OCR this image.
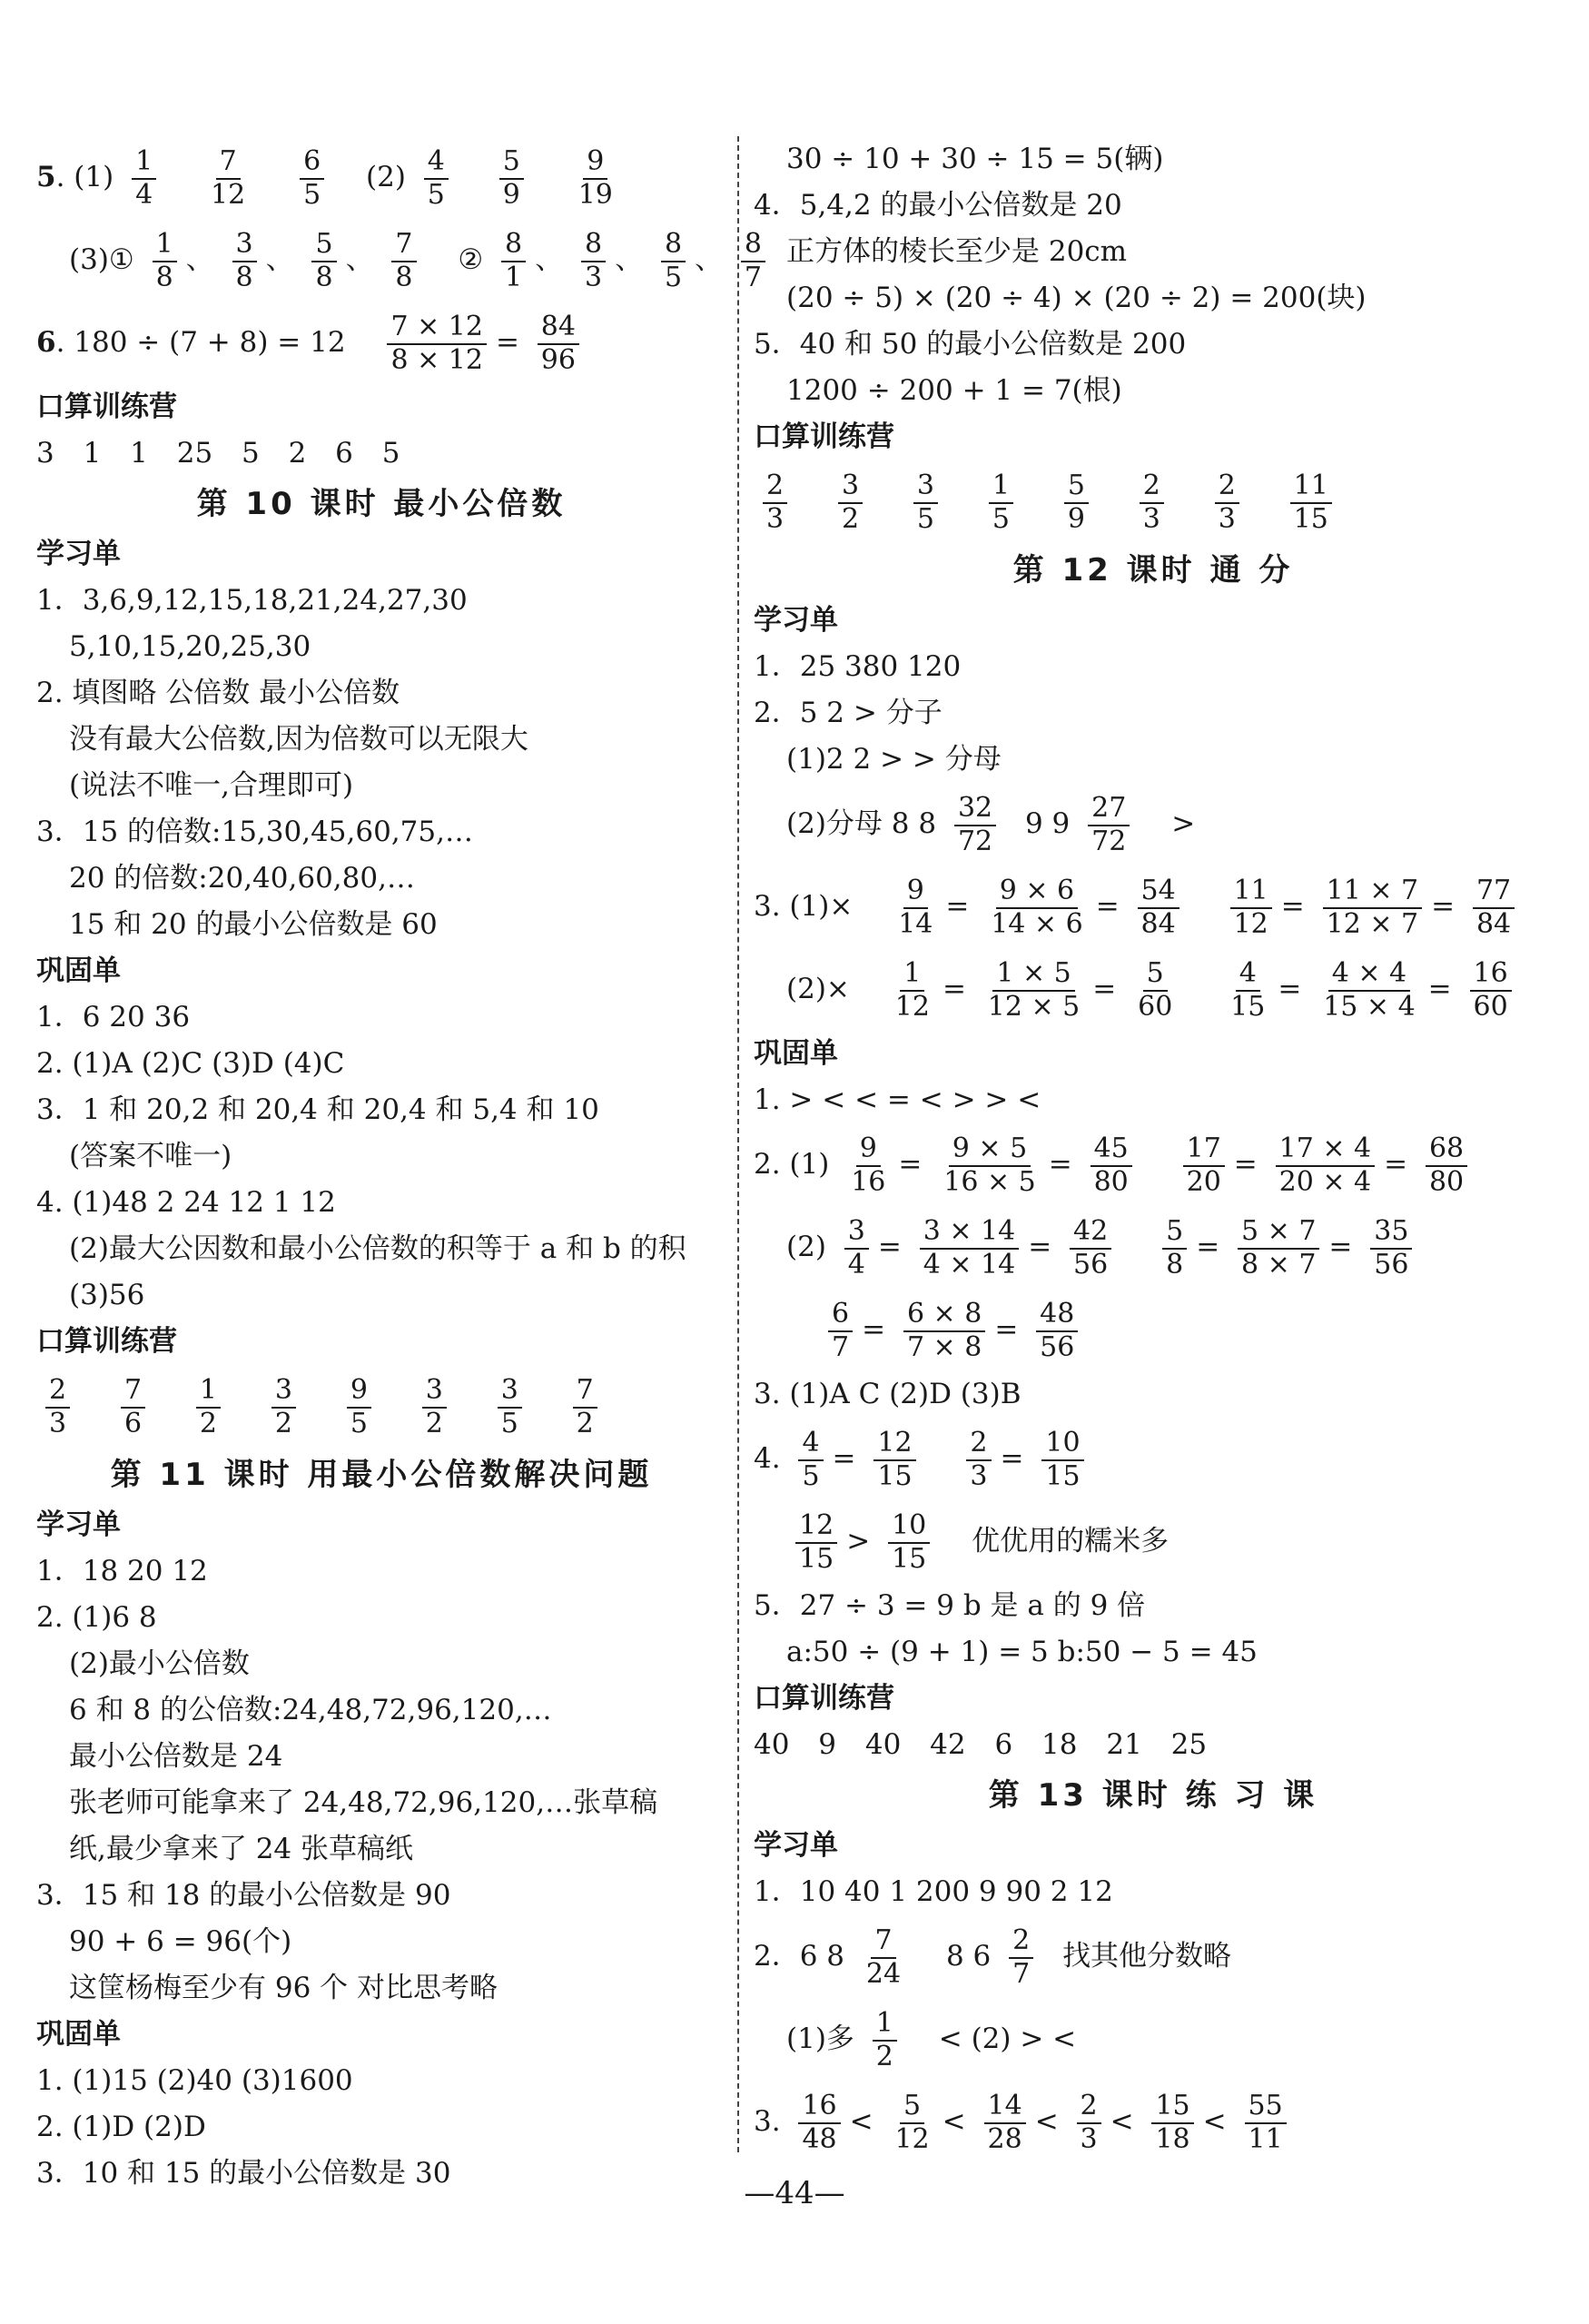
5. $(1) \frac{1}{4}$
$\frac{7}{12}$
$\frac{6}{5} (2) \frac{4}{5}$
$\frac{5}{9}$
$\frac{9}{19}$
(3)① $\frac{1}{8}$ 、 $\frac{3}{8}$ 、 $\frac{5}{8}$ 、 $\frac{7}{8}$ ② $\frac{8}{1}$ 、 $\frac{8}{3}$ 、 $\frac{8}{5}$ 、 $\frac{8}{7}$
6. $180 \div (7 + 8) = 12 \frac{7 \times 12}{8 \times 12} = \frac{84}{96}$
口算训练营
3 1 1 25 5 2 6 5
第 10 课时 最小公倍数
学习单
1．3,6,9,12,15,18,21,24,27,30
5,10,15,20,25,30
2. 填图略 公倍数 最小公倍数
没有最大公倍数,因为倍数可以无限大
(说法不唯一,合理即可)
3．15 的倍数:15,30,45,60,75,…
20 的倍数:20,40,60,80,…
15 和 20 的最小公倍数是 60
巩固单
1．6 20 36
2. (1)A (2)C (3)D (4)C
3．1 和 20,2 和 20,4 和 20,4 和 5,4 和 10
(答案不唯一)
4. (1)48 2 24 12 1 12
(2)最大公因数和最小公倍数的积等于 a 和 b 的积
(3)56
口算训练营
$\frac{2}{3}$
$\frac{7}{6}$
$\frac{1}{2}$
$\frac{3}{2}$
$\frac{9}{5}$
$\frac{3}{2}$
$\frac{3}{5}$
$\frac{7}{2}$
第 11 课时 用最小公倍数解决问题
学习单
1．18 20 12
2. (1)6 8
(2)最小公倍数
6 和 8 的公倍数:24,48,72,96,120,…
最小公倍数是 24
张老师可能拿来了 24,48,72,96,120,…张草稿
纸,最少拿来了 24 张草稿纸
3．15 和 18 的最小公倍数是 90
90 + 6 = 96(个)
这筐杨梅至少有 96 个 对比思考略
巩固单
1. (1)15 (2)40 (3)1600
2. (1)D (2)D
3．10 和 15 的最小公倍数是 30
30 ÷ 10 + 30 ÷ 15 = 5(辆)
4．5,4,2 的最小公倍数是 20
正方体的棱长至少是 20cm
(20 ÷ 5) × (20 ÷ 4) × (20 ÷ 2) = 200(块)
5．40 和 50 的最小公倍数是 200
1200 ÷ 200 + 1 = 7(根)
口算训练营
$\frac{2}{3}$
$\frac{3}{2}$
$\frac{3}{5}$
$\frac{1}{5}$
$\frac{5}{9}$
$\frac{2}{3}$
$\frac{2}{3}$
$\frac{11}{15}$
第 12 课时 通 分
学习单
1．25 380 120
2．5 2 > 分子
(1)2 2 > > 分母
(2)分母 8 $8 \frac{32}{72} 9$ $9 \frac{27}{72}$ >
3. $(1)\times \frac{9}{14} = \frac{9 \times 6}{14 \times 6} = \frac{54}{84}$
$\frac{11}{12} = \frac{11 \times 7}{12 \times 7} = \frac{77}{84}$
$(2)\times \frac{1}{12} = \frac{1 \times 5}{12 \times 5} = \frac{5}{60}$
$\frac{4}{15} = \frac{4 \times 4}{15 \times 4} = \frac{16}{60}$
巩固单
1. > < < = < > > <
2. $(1) \frac{9}{16} = \frac{9 \times 5}{16 \times 5} = \frac{45}{80}$
$\frac{17}{20} = \frac{17 \times 4}{20 \times 4} = \frac{68}{80}$
$(2) \frac{3}{4} = \frac{3 \times 14}{4 \times 14} = \frac{42}{56}$
$\frac{5}{8} = \frac{5 \times 7}{8 \times 7} = \frac{35}{56}$
$\frac{6}{7} = \frac{6 \times 8}{7 \times 8} = \frac{48}{56}$
3. (1)A C (2)D (3)B
4. $\frac{4}{5} = \frac{12}{15}$
$\frac{2}{3} = \frac{10}{15}$
$\frac{12}{15} > \frac{10}{15}$ 优优用的糯米多
5．27 ÷ 3 = 9 b 是 a 的 9 倍
a:50 ÷ (9 + 1) = 5 b:50 − 5 = 45
口算训练营
40 9 40 42 6 18 21 25
第 13 课时 练 习 课
学习单
1．10 40 1 200 9 90 2 12
2．6 $8 \frac{7}{24} 8$ $6 \frac{2}{7}$ 找其他分数略
(1)多 $\frac{1}{2} < (2)$ > <
3. $\frac{16}{48} < \frac{5}{12} < \frac{14}{28} < \frac{2}{3} < \frac{15}{18} < \frac{55}{11}$
—44—
